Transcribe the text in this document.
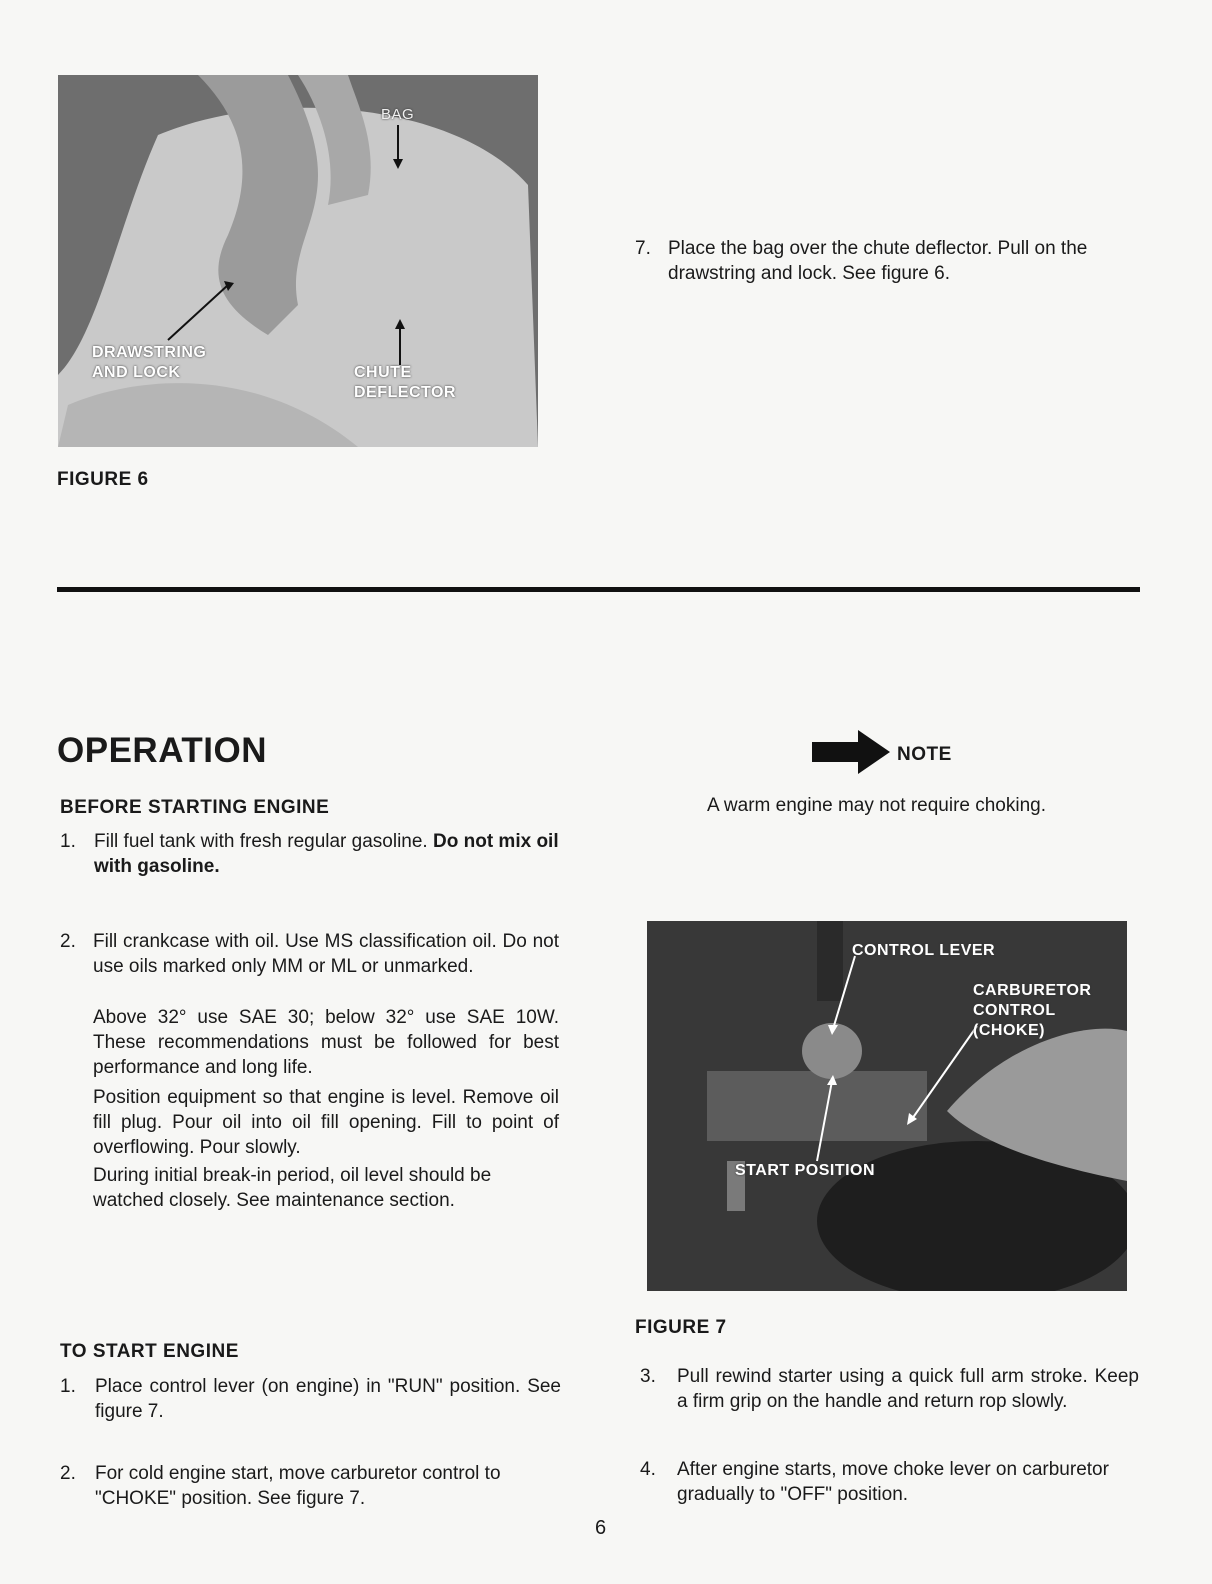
BAG
DRAWSTRING
AND LOCK	CHUTE
DEFLECTOR
FIGURE 6
7. Place the bag over the chute deflector. Pull on the drawstring and lock. See figure 6.
OPERATION
BEFORE STARTING ENGINE
1. Fill fuel tank with fresh regular gasoline. Do not mix oil with gasoline.
2. Fill crankcase with oil. Use MS classification oil. Do not use oils marked only MM or ML or unmarked.
Above 32° use SAE 30; below 32° use SAE 10W. These recommendations must be followed for best performance and long life.
Position equipment so that engine is level. Remove oil fill plug. Pour oil into oil fill opening. Fill to point of overflowing. Pour slowly.
During initial break-in period, oil level should be watched closely. See maintenance section.
TO START ENGINE
1. Place control lever (on engine) in "RUN" position. See figure 7.
2. For cold engine start, move carburetor control to "CHOKE" position. See figure 7.
NOTE
A warm engine may not require choking.
CONTROL LEVER
CARBURETOR
CONTROL
(CHOKE)
START POSITION
FIGURE 7
3. Pull rewind starter using a quick full arm stroke. Keep a firm grip on the handle and return rop slowly.
4. After engine starts, move choke lever on carburetor gradually to "OFF" position.
6
